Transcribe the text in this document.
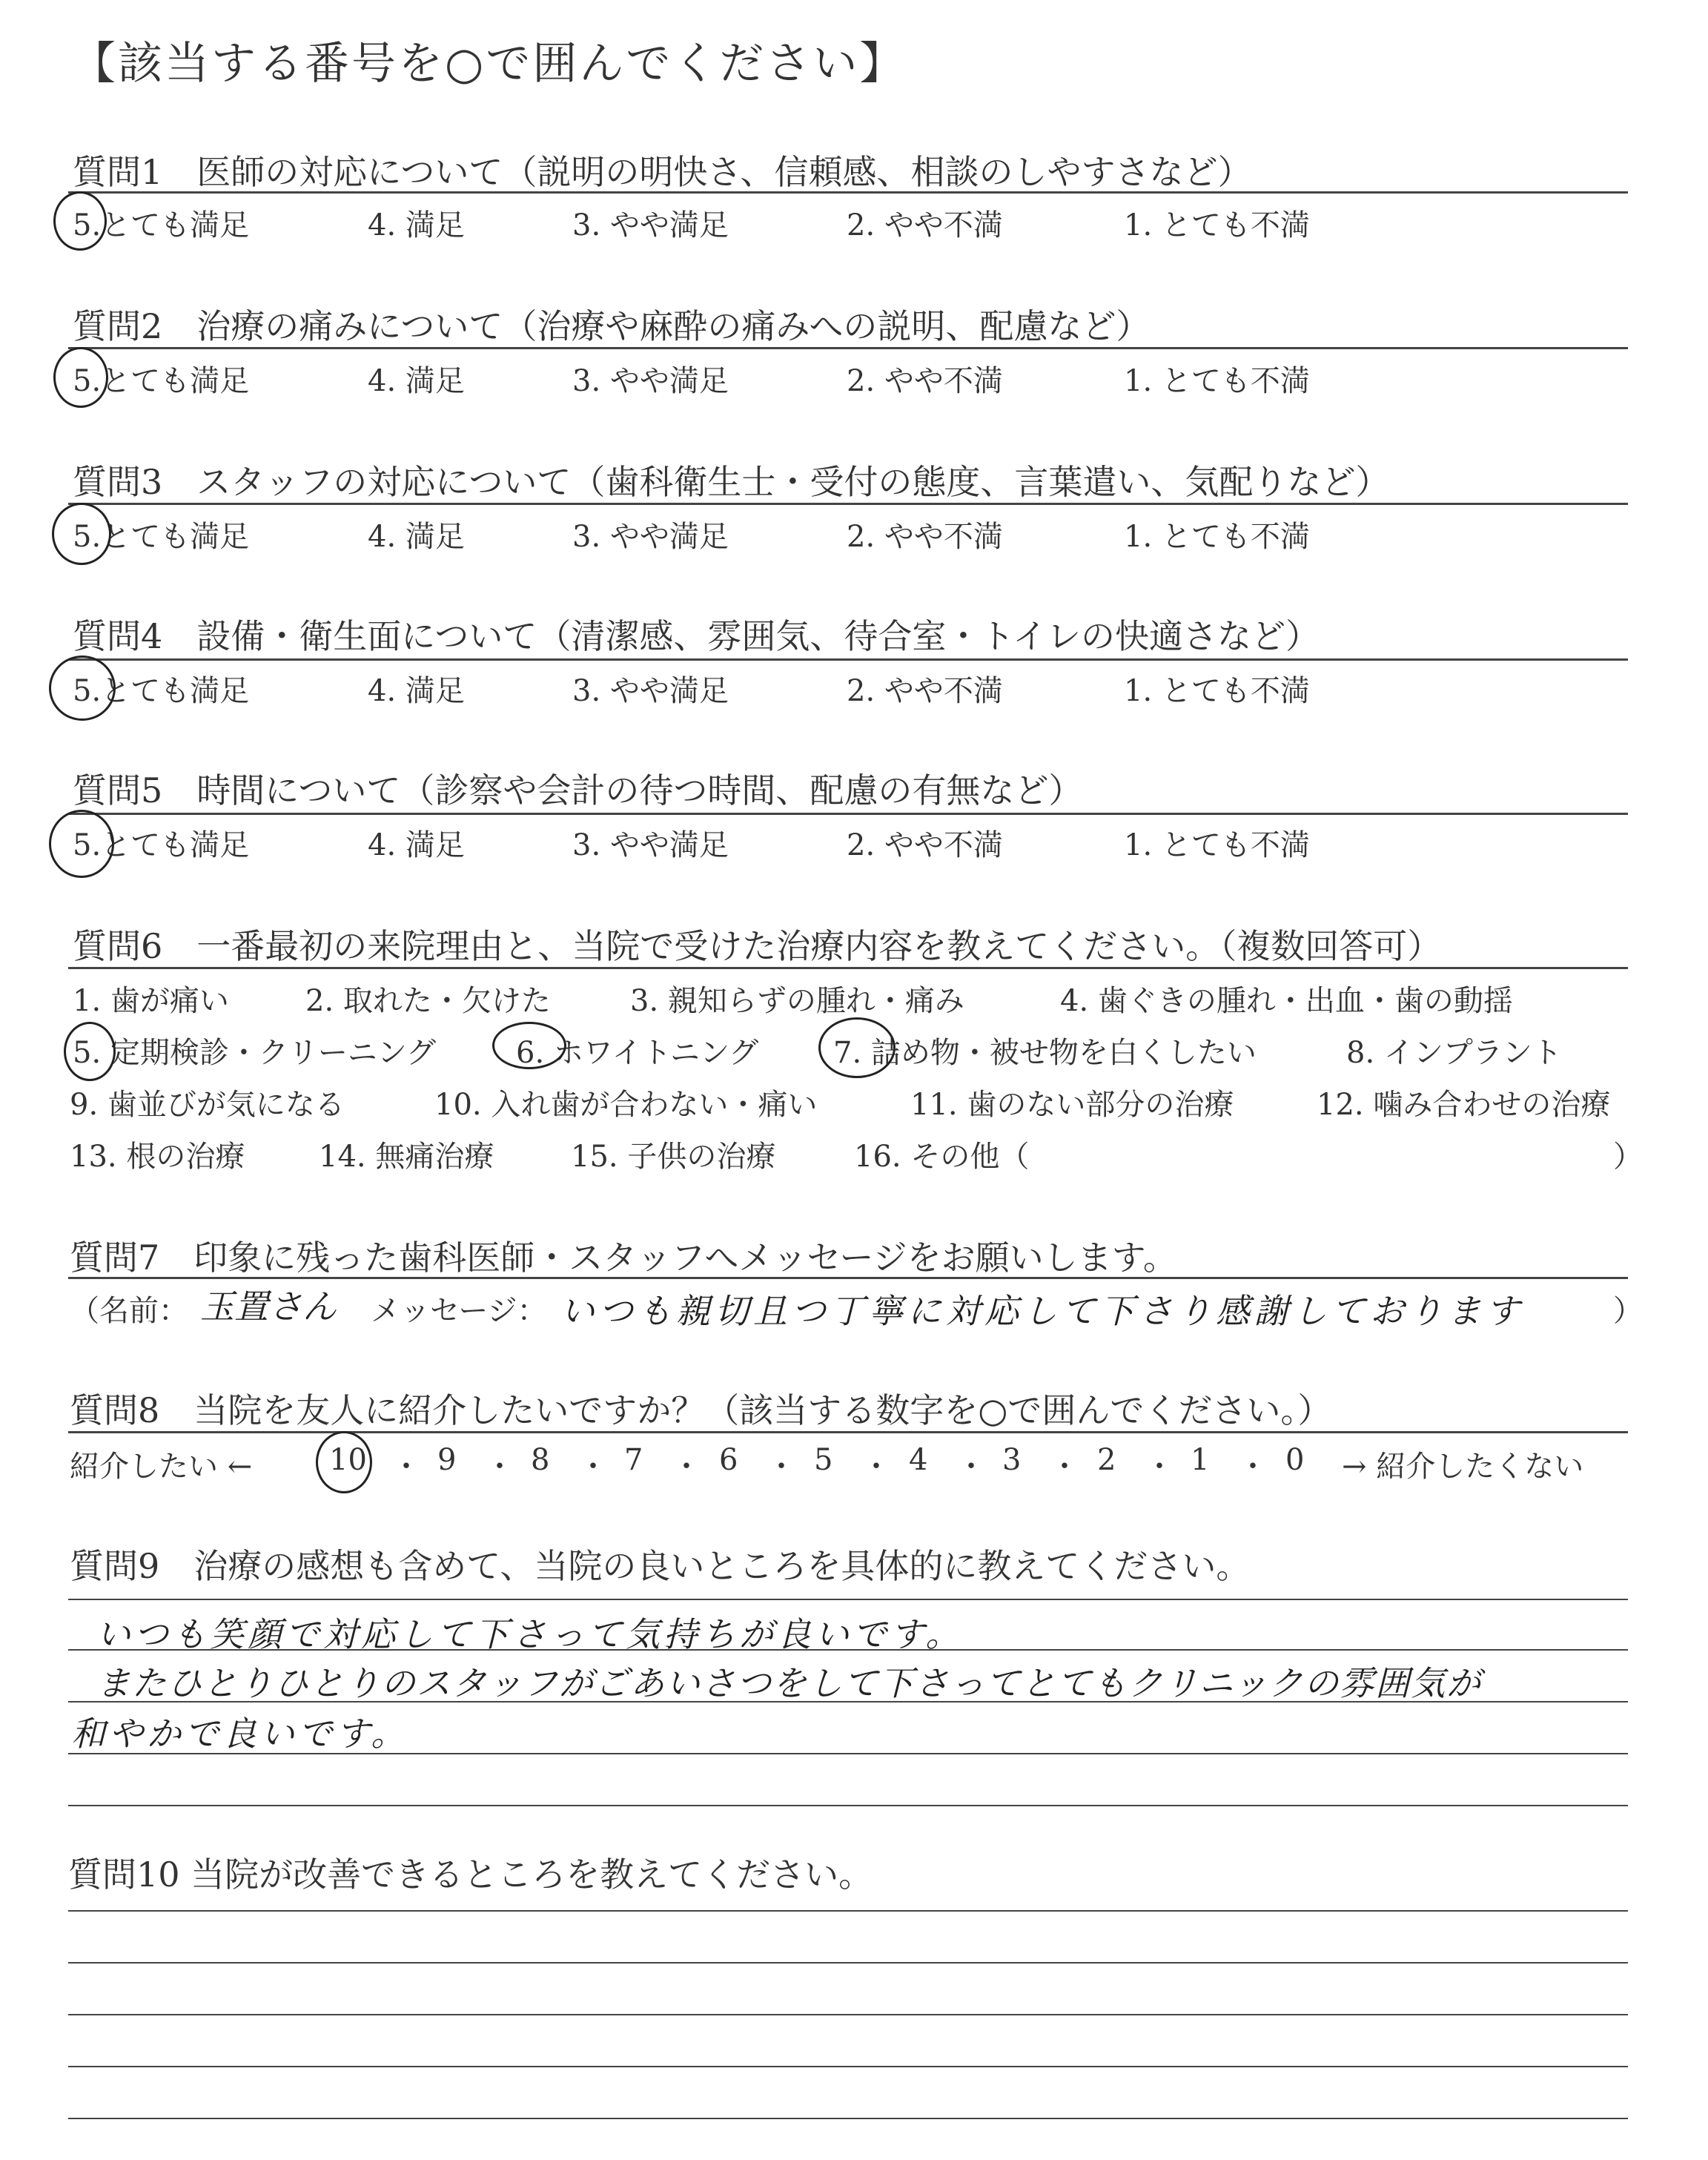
【該当する番号を○で囲んでください】
質問1　医師の対応について（説明の明快さ、信頼感、相談のしやすさなど）
5.とても満足	4. 満足	3. やや満足	2. やや不満	1. とても不満
質問2　治療の痛みについて（治療や麻酔の痛みへの説明、配慮など）
5.とても満足	4. 満足	3. やや満足	2. やや不満	1. とても不満
質問3　スタッフの対応について（歯科衛生士・受付の態度、言葉遣い、気配りなど）
5.とても満足	4. 満足	3. やや満足	2. やや不満	1. とても不満
質問4　設備・衛生面について（清潔感、雰囲気、待合室・トイレの快適さなど）
5.とても満足	4. 満足	3. やや満足	2. やや不満	1. とても不満
質問5　時間について（診察や会計の待つ時間、配慮の有無など）
5.とても満足	4. 満足	3. やや満足	2. やや不満	1. とても不満
質問6　一番最初の来院理由と、当院で受けた治療内容を教えてください。（複数回答可）
1. 歯が痛い	2. 取れた・欠けた	3. 親知らずの腫れ・痛み	4. 歯ぐきの腫れ・出血・歯の動揺
5. 定期検診・クリーニング	6. ホワイトニング	7. 詰め物・被せ物を白くしたい	8. インプラント
9. 歯並びが気になる	10. 入れ歯が合わない・痛い	11. 歯のない部分の治療	12. 噛み合わせの治療
13. 根の治療 14. 無痛治療	15. 子供の治療	16. その他（	）
質問7　印象に残った歯科医師・スタッフへメッセージをお願いします。
（名前： 玉置さん メッセージ： いつも親切且つ丁寧に対応して下さり感謝しております	）
質問8　当院を友人に紹介したいですか？（該当する数字を○で囲んでください。）
紹介したい ←	10 ・ 9 ・ 8 ・ 7 ・ 6 ・ 5 ・ 4 ・ 3 ・ 2 ・ 1 ・ 0 → 紹介したくない
質問9　治療の感想も含めて、当院の良いところを具体的に教えてください。
いつも笑顔で対応して下さって気持ちが良いです。
またひとりひとりのスタッフがごあいさつをして下さってとてもクリニックの雰囲気が
和やかで良いです。
質問10 当院が改善できるところを教えてください。
